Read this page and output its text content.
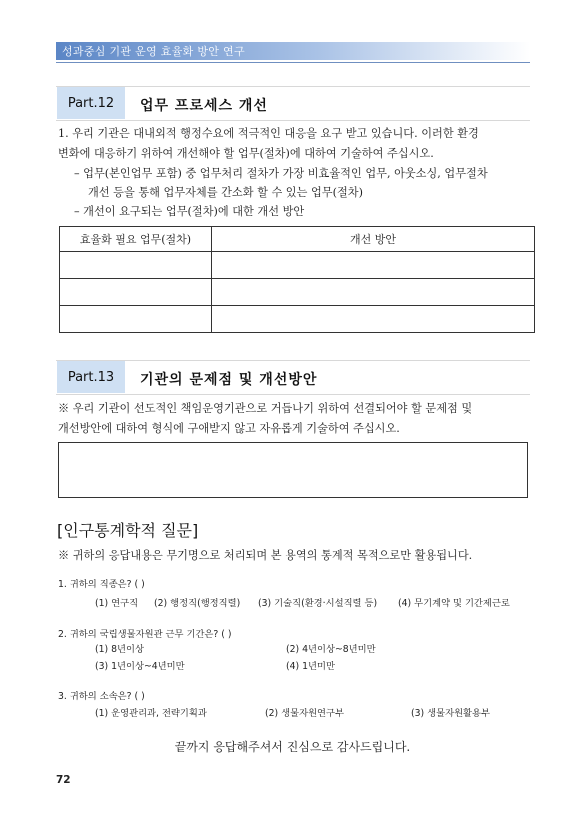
성과중심 기관 운영 효율화 방안 연구
Part.12	업무 프로세스 개선
1. 우리 기관은 대내외적 행정수요에 적극적인 대응을 요구 받고 있습니다. 이러한 환경
변화에 대응하기 위하여 개선해야 할 업무(절차)에 대하여 기술하여 주십시오.
– 업무(본인업무 포함) 중 업무처리 절차가 가장 비효율적인 업무, 아웃소싱, 업무절차
개선 등을 통해 업무자체를 간소화 할 수 있는 업무(절차)
– 개선이 요구되는 업무(절차)에 대한 개선 방안
효율화 필요 업무(절차)	개선 방안

Part.13	기관의 문제점 및 개선방안
※ 우리 기관이 선도적인 책임운영기관으로 거듭나기 위하여 선결되어야 할 문제점 및
개선방안에 대하여 형식에 구애받지 않고 자유롭게 기술하여 주십시오.
[인구통계학적 질문]
※ 귀하의 응답내용은 무기명으로 처리되며 본 용역의 통계적 목적으로만 활용됩니다.
1. 귀하의 직종은? ( )
(1) 연구직 (2) 행정직(행정직렬) (3) 기술직(환경·시설직렬 등) (4) 무기계약 및 기간제근로
2. 귀하의 국립생물자원관 근무 기간은? ( )
(1) 8년이상	(2) 4년이상~8년미만
(3) 1년이상~4년미만	(4) 1년미만
3. 귀하의 소속은? ( )
(1) 운영관리과, 전략기획과	(2) 생물자원연구부	(3) 생물자원활용부
끝까지 응답해주셔서 진심으로 감사드립니다.
72
